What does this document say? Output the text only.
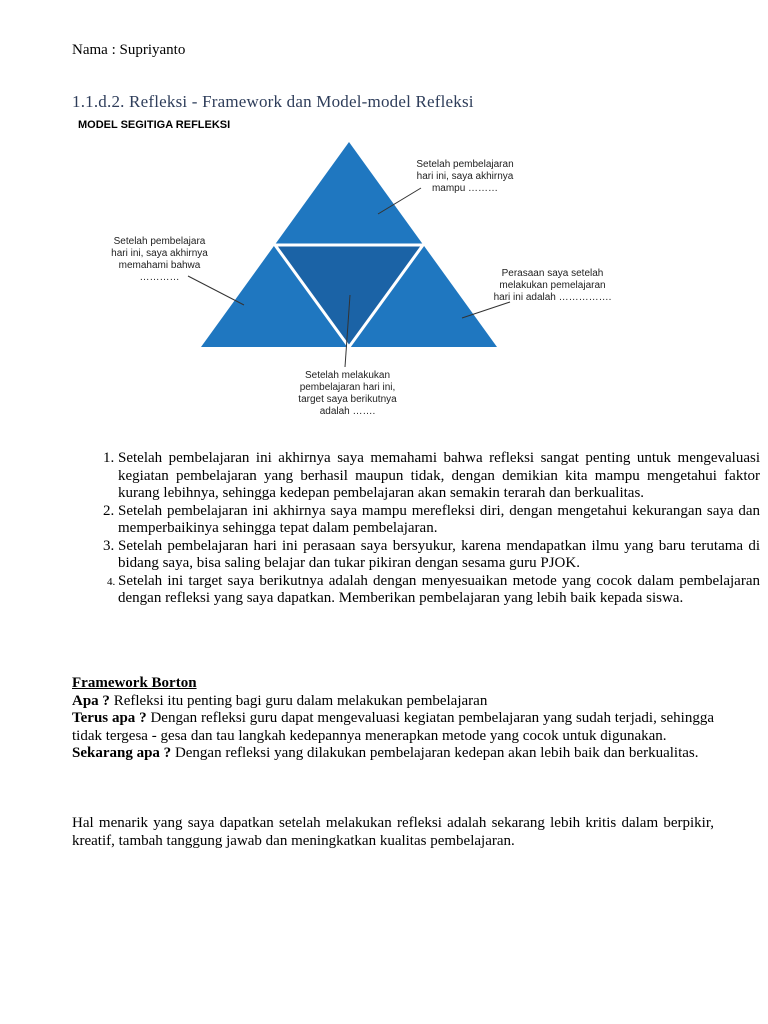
Nama : Supriyanto
1.1.d.2. Refleksi - Framework dan Model-model Refleksi
MODEL SEGITIGA REFLEKSI
Setelah pembelajaran
hari ini, saya akhirnya
mampu ………
Setelah pembelajara
hari ini, saya akhirnya
memahami bahwa
…………	Perasaan saya setelah
melakukan pemelajaran
hari ini adalah …………….
Setelah melakukan
pembelajaran hari ini,
target saya berikutnya
adalah …….
1. Setelah pembelajaran ini akhirnya saya memahami bahwa refleksi sangat penting untuk mengevaluasi kegiatan pembelajaran yang berhasil maupun tidak, dengan demikian kita mampu mengetahui faktor kurang lebihnya, sehingga kedepan pembelajaran akan semakin terarah dan berkualitas.
2. Setelah pembelajaran ini akhirnya saya mampu merefleksi diri, dengan mengetahui kekurangan saya dan memperbaikinya sehingga tepat dalam pembelajaran.
3. Setelah pembelajaran hari ini perasaan saya bersyukur, karena mendapatkan ilmu yang baru terutama di bidang saya, bisa saling belajar dan tukar pikiran dengan sesama guru PJOK.
4. Setelah ini target saya berikutnya adalah dengan menyesuaikan metode yang cocok dalam pembelajaran dengan refleksi yang saya dapatkan. Memberikan pembelajaran yang lebih baik kepada siswa.
Framework Borton
Apa ? Refleksi itu penting bagi guru dalam melakukan pembelajaran
Terus apa ? Dengan refleksi guru dapat mengevaluasi kegiatan pembelajaran yang sudah terjadi, sehingga tidak tergesa - gesa dan tau langkah kedepannya menerapkan metode yang cocok untuk digunakan.
Sekarang apa ? Dengan refleksi yang dilakukan pembelajaran kedepan akan lebih baik dan berkualitas.
Hal menarik yang saya dapatkan setelah melakukan refleksi adalah sekarang lebih kritis dalam berpikir, kreatif, tambah tanggung jawab dan meningkatkan kualitas pembelajaran.
